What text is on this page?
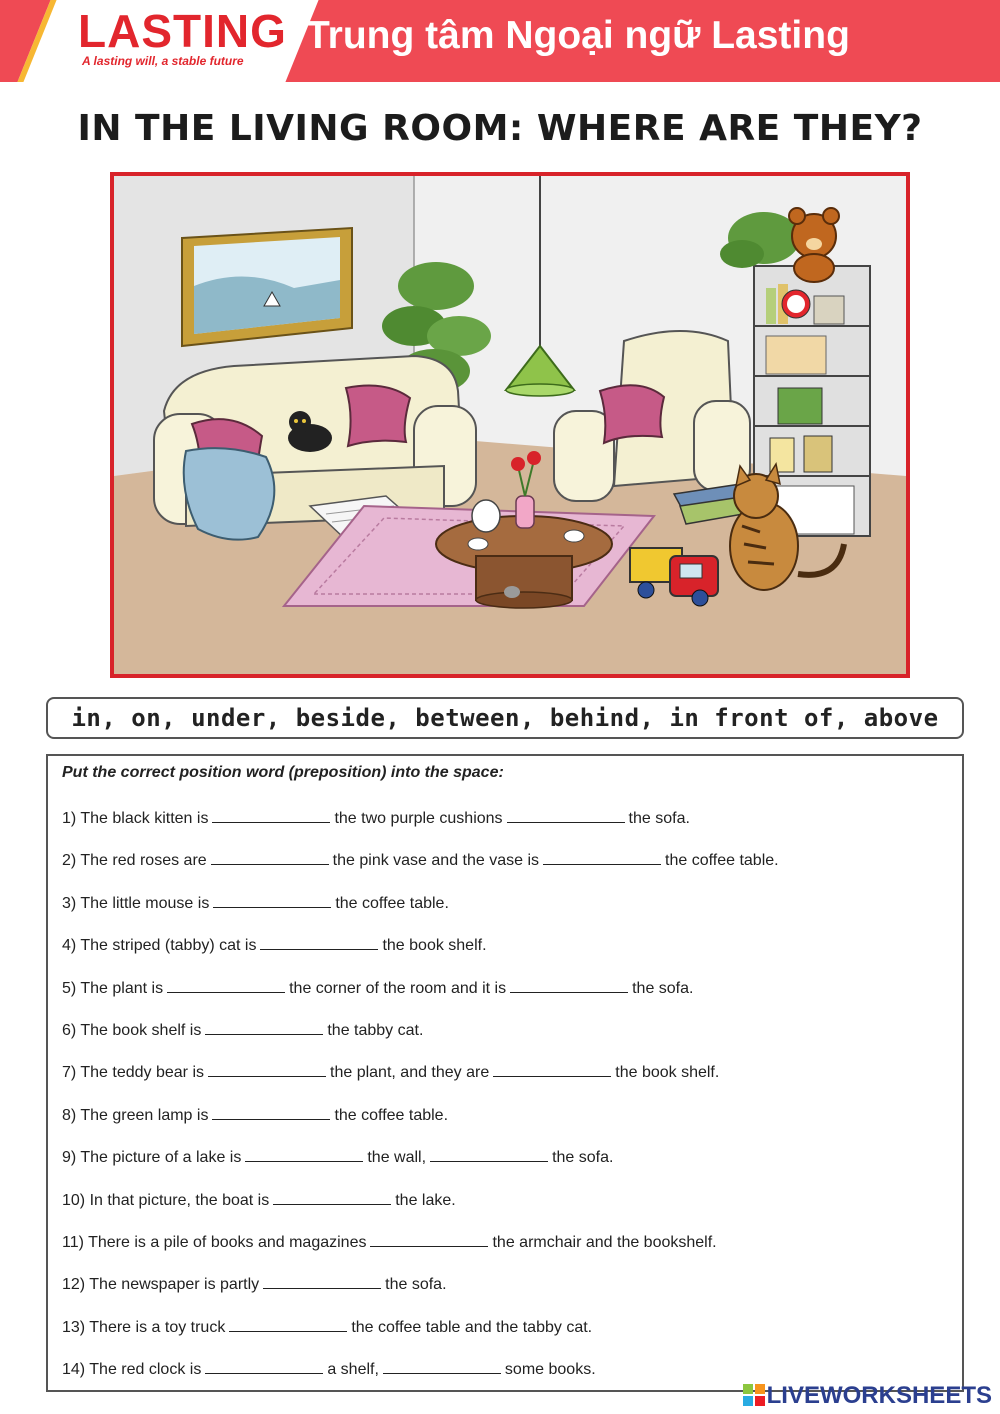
LASTING
A lasting will, a stable future
Trung tâm Ngoại ngữ Lasting
IN THE LIVING ROOM: WHERE ARE THEY?
in, on, under, beside, between, behind, in front of, above
Put the correct position word (preposition) into the space:
1) The black kitten is	the two purple cushions	the sofa.
2) The red roses are	the pink vase and the vase is	the coffee table.
3) The little mouse is	the coffee table.
4) The striped (tabby) cat is	the book shelf.
5) The plant is	the corner of the room and it is	the sofa.
6) The book shelf is	the tabby cat.
7) The teddy bear is	the plant, and they are	the book shelf.
8) The green lamp is	the coffee table.
9) The picture of a lake is	the wall,	the sofa.
10) In that picture, the boat is	the lake.
11) There is a pile of books and magazines	the armchair and the bookshelf.
12) The newspaper is partly	the sofa.
13) There is a toy truck	the coffee table and the tabby cat.
14) The red clock is	a shelf,	some books.
LIVEWORKSHEETS
